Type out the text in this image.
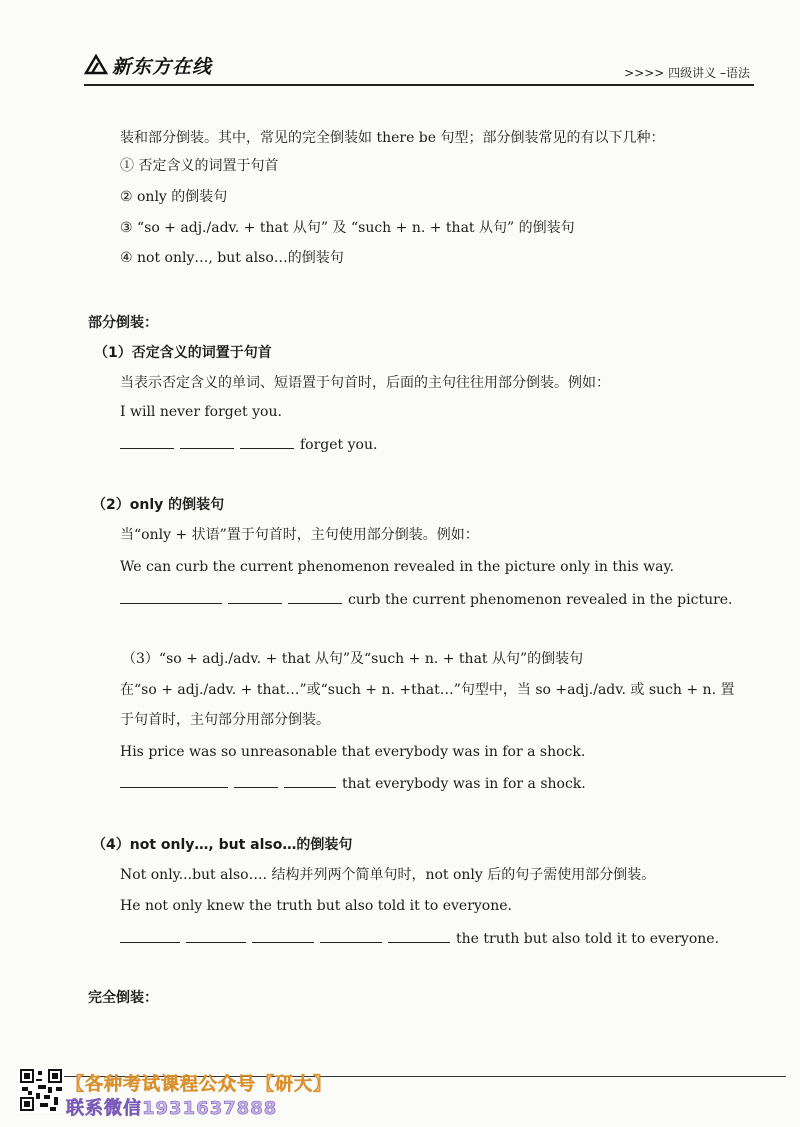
新东方在线	>>>> 四级讲义 –语法
装和部分倒装。其中，常见的完全倒装如 there be 句型；部分倒装常见的有以下几种：
① 否定含义的词置于句首
② only 的倒装句
③ “so + adj./adv. + that 从句” 及 “such + n. + that 从句” 的倒装句
④ not only…, but also…的倒装句
部分倒装：
（1）否定含义的词置于句首
当表示否定含义的单词、短语置于句首时，后面的主句往往用部分倒装。例如：
I will never forget you.
forget you.
（2）only 的倒装句
当“only + 状语”置于句首时，主句使用部分倒装。例如：
We can curb the current phenomenon revealed in the picture only in this way.
curb the current phenomenon revealed in the picture.
（3）“so + adj./adv. + that 从句”及“such + n. + that 从句”的倒装句
在“so + adj./adv. + that…”或“such + n. +that…”句型中，当 so +adj./adv. 或 such + n. 置
于句首时，主句部分用部分倒装。
His price was so unreasonable that everybody was in for a shock.
that everybody was in for a shock.
（4）not only…, but also…的倒装句
Not only...but also…. 结构并列两个简单句时，not only 后的句子需使用部分倒装。
He not only knew the truth but also told it to everyone.
the truth but also told it to everyone.
完全倒装：
【各种考试课程公众号【研大】
联系微信1931637888
